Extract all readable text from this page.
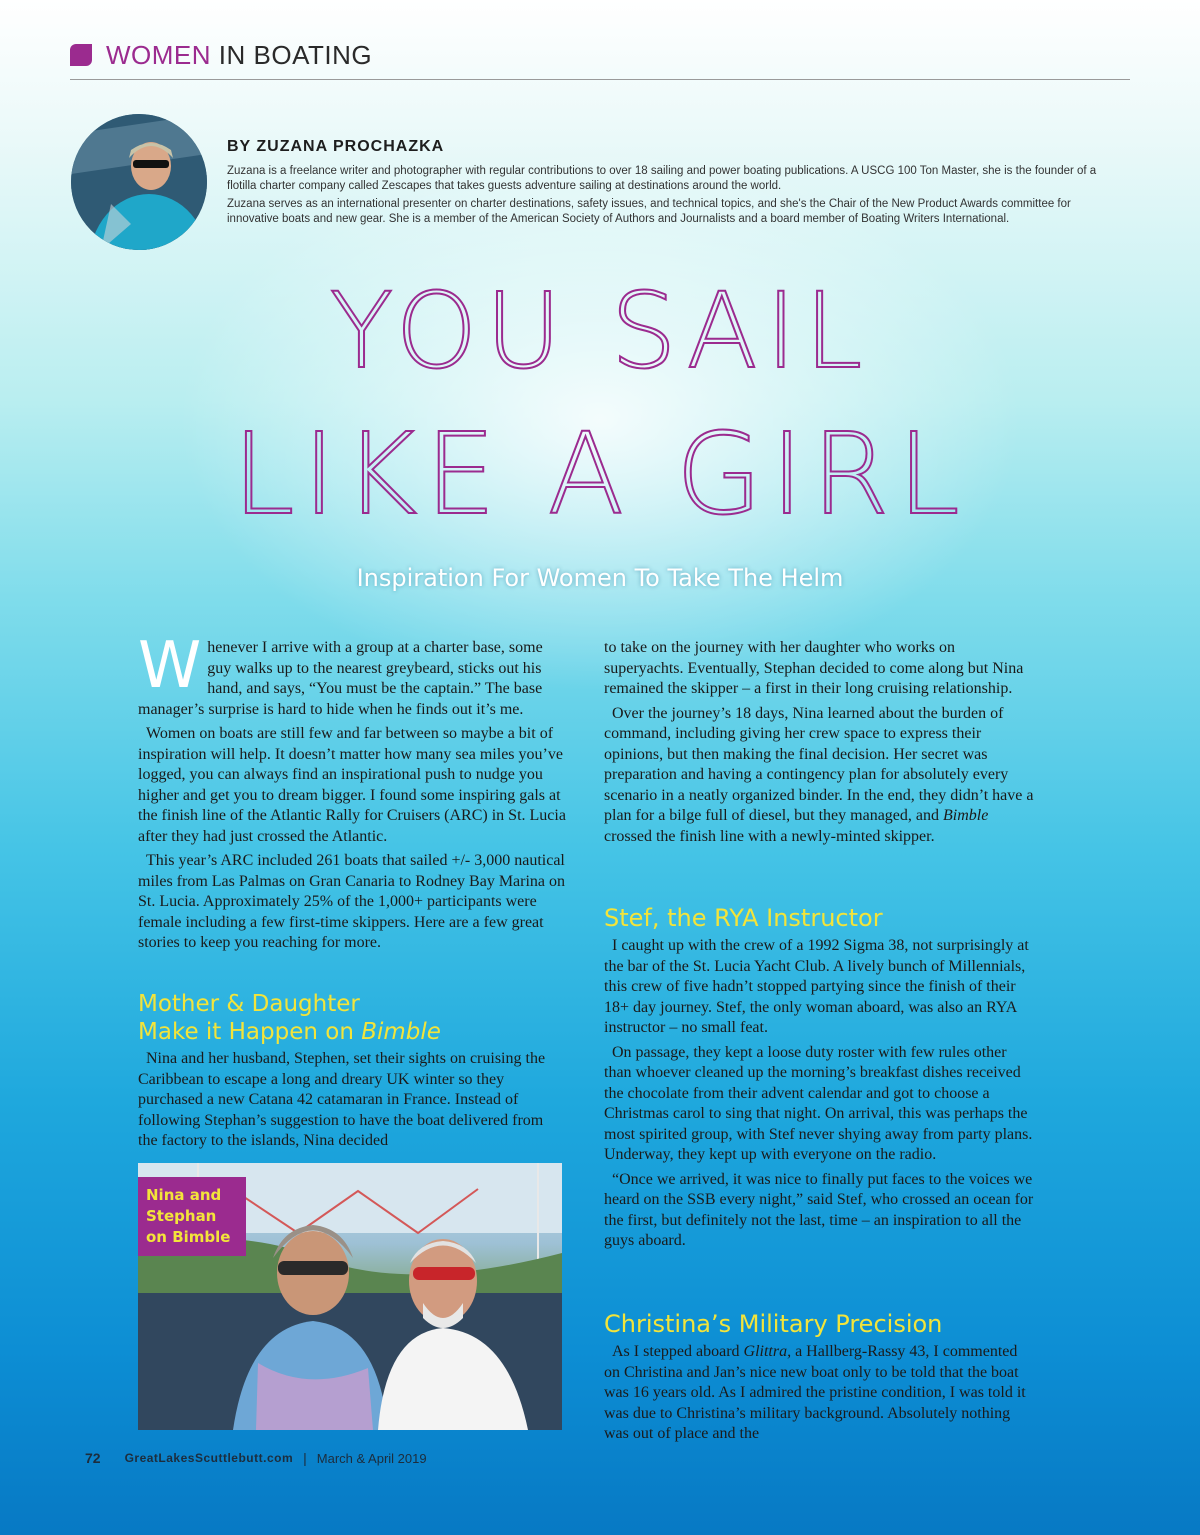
WOMEN IN BOATING
BY ZUZANA PROCHAZKA

Zuzana is a freelance writer and photographer with regular contributions to over 18 sailing and power boating publications. A USCG 100 Ton Master, she is the founder of a flotilla charter company called Zescapes that takes guests adventure sailing at destinations around the world.

Zuzana serves as an international presenter on charter destinations, safety issues, and technical topics, and she's the Chair of the New Product Awards committee for innovative boats and new gear. She is a member of the American Society of Authors and Journalists and a board member of Boating Writers International.

YOU SAIL
LIKE A GIRL
Inspiration For Women To Take The Helm

Whenever I arrive with a group at a charter base, some guy walks up to the nearest greybeard, sticks out his hand, and says, “You must be the captain.” The base manager’s surprise is hard to hide when he finds out it’s me.

Women on boats are still few and far between so maybe a bit of inspiration will help. It doesn’t matter how many sea miles you’ve logged, you can always find an inspirational push to nudge you higher and get you to dream bigger. I found some inspiring gals at the finish line of the Atlantic Rally for Cruisers (ARC) in St. Lucia after they had just crossed the Atlantic.

This year’s ARC included 261 boats that sailed +/- 3,000 nautical miles from Las Palmas on Gran Canaria to Rodney Bay Marina on St. Lucia. Approximately 25% of the 1,000+ participants were female including a few first-time skippers. Here are a few great stories to keep you reaching for more.

Mother & Daughter
Make it Happen on Bimble

Nina and her husband, Stephen, set their sights on cruising the Caribbean to escape a long and dreary UK winter so they purchased a new Catana 42 catamaran in France. Instead of following Stephan’s suggestion to have the boat delivered from the factory to the islands, Nina decided

Nina and
Stephan
on Bimble

to take on the journey with her daughter who works on superyachts. Eventually, Stephan decided to come along but Nina remained the skipper – a first in their long cruising relationship.

Over the journey’s 18 days, Nina learned about the burden of command, including giving her crew space to express their opinions, but then making the final decision. Her secret was preparation and having a contingency plan for absolutely every scenario in a neatly organized binder. In the end, they didn’t have a plan for a bilge full of diesel, but they managed, and Bimble crossed the finish line with a newly-minted skipper.

Stef, the RYA Instructor

I caught up with the crew of a 1992 Sigma 38, not surprisingly at the bar of the St. Lucia Yacht Club. A lively bunch of Millennials, this crew of five hadn’t stopped partying since the finish of their 18+ day journey. Stef, the only woman aboard, was also an RYA instructor – no small feat.

On passage, they kept a loose duty roster with few rules other than whoever cleaned up the morning’s breakfast dishes received the chocolate from their advent calendar and got to choose a Christmas carol to sing that night. On arrival, this was perhaps the most spirited group, with Stef never shying away from party plans. Underway, they kept up with everyone on the radio.

“Once we arrived, it was nice to finally put faces to the voices we heard on the SSB every night,” said Stef, who crossed an ocean for the first, but definitely not the last, time – an inspiration to all the guys aboard.

Christina’s Military Precision

As I stepped aboard Glittra, a Hallberg-Rassy 43, I commented on Christina and Jan’s nice new boat only to be told that the boat was 16 years old. As I admired the pristine condition, I was told it was due to Christina’s military background. Absolutely nothing was out of place and the

72 GreatLakesScuttlebutt.com | March & April 2019
